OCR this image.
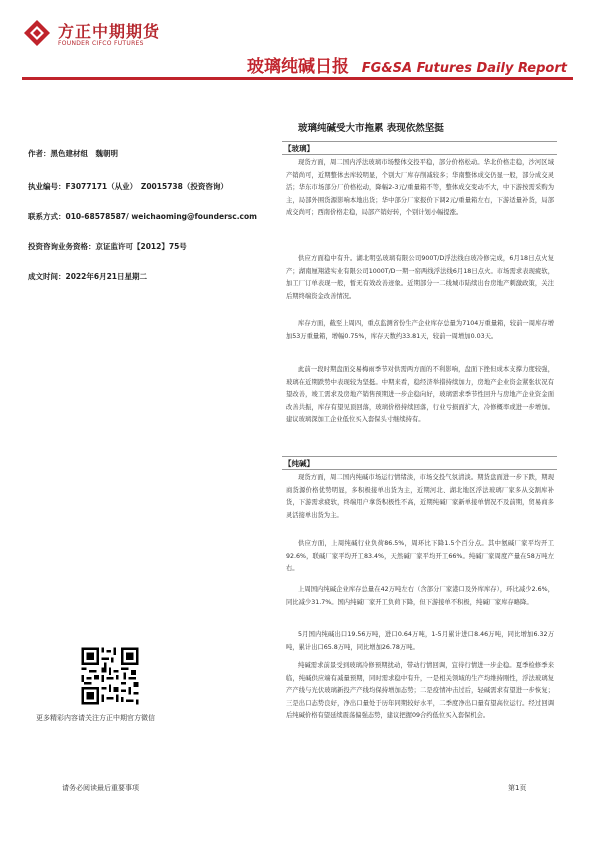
方正中期期货
FOUNDER CIFCO FUTURES
玻璃纯碱日报 FG&SA Futures Daily Report
玻璃纯碱受大市拖累 表现依然坚挺
作者：黑色建材组　魏朝明
执业编号：F3077171（从业）　Z0015738（投资咨询）
联系方式：010-68578587/ weichaoming@foundersc.com
投资咨询业务资格：京证监许可【2012】75号
成文时间：2022年6月21日星期二
【玻璃】

现货方面，周二国内浮法玻璃市场整体交投平稳，部分价格松动。华北价格走稳，沙河区域产销尚可，近期整体去库较明显，个别大厂库存削减较多；华南整体成交仍显一般，部分成交灵活；华东市场部分厂价格松动，降幅2-3元/重量箱不等，整体成交变动不大，中下游按需采购为主，局部外围货源影响本地出货；华中部分厂家报价下调2元/重量箱左右，下游适量补货，局部成交尚可；西南价格走稳，局部产销好转，个别计划小幅提涨。

供应方面稳中有升。湖北明弘玻璃有限公司900T/D浮法线白玻冷修完成，6月18日点火复产；湖南厘翔港实业有限公司1000T/D一期一窑两线浮法线6月18日点火。市场需求表现疲软，加工厂订单表现一般，暂无有效改善迹象。近期部分一二线城市陆续出台房地产刺激政策，关注后期终端资金改善情况。

库存方面，截至上周四，重点监测省份生产企业库存总量为7104万重量箱，较前一周库存增加53万重量箱，增幅0.75%，库存天数约33.81天，较前一周增加0.03天。

此前一段时期盘面交易梅雨季节对供需两方面的不利影响，盘面下挫但成本支撑力度较强，玻璃在近期跌势中表现较为坚挺。中期来看，稳经济举措持续加力，房地产企业资金紧张状况有望改善，竣工需求及房地产销售预期进一步企稳向好，玻璃需求季节性回升与房地产企业资金面改善共振，库存有望见顶回落，玻璃价格持续回落，行业亏损面扩大，冷修概率或进一步增加。建议玻璃深加工企业低位买入套保头寸继续持有。

【纯碱】

现货方面，周二国内纯碱市场运行情绪淡，市场交投气氛清淡。期货盘面进一步下跌，期现商货源价格优势明显，多积极接单出货为主，近期河北、湖北地区浮法玻璃厂家多从交割库补货，下游需求疲软，终端用户拿货积极性不高，近期纯碱厂家新单接单情况不及前期，贸易商多灵活接单出货为主。

供应方面，上周纯碱行业负荷86.5%，周环比下降1.5个百分点。其中氨碱厂家平均开工92.6%，联碱厂家平均开工83.4%，天然碱厂家平均开工66%。纯碱厂家周度产量在58万吨左右。

上周国内纯碱企业库存总量在42万吨左右（含部分厂家港口及外库库存），环比减少2.6%，同比减少31.7%。国内纯碱厂家开工负荷下降，但下游接单不积极，纯碱厂家库存略降。

5月国内纯碱出口19.56万吨，进口0.64万吨，1-5月累计进口8.46万吨，同比增加6.32万吨，累计出口65.8万吨，同比增加26.78万吨。

纯碱需求前景受到玻璃冷修预期扰动，带动行情回调，宜待行情进一步企稳。夏季检修季来临，纯碱供应端有减量预期，同时需求稳中有升，一是相关领域的生产均维持刚性，浮法玻璃复产产线与光伏玻璃新投产产线均保持增加态势；二是疫情冲击过后，轻碱需求有望进一步恢复；三是出口态势良好，净出口量处于历年同期较好水平，二季度净出口量有望高位运行。经过回调后纯碱价格有望延续震荡偏强态势，建议把握09合约低位买入套保机会。

更多精彩内容请关注方正中期官方微信
请务必阅读最后重要事项	第1页
